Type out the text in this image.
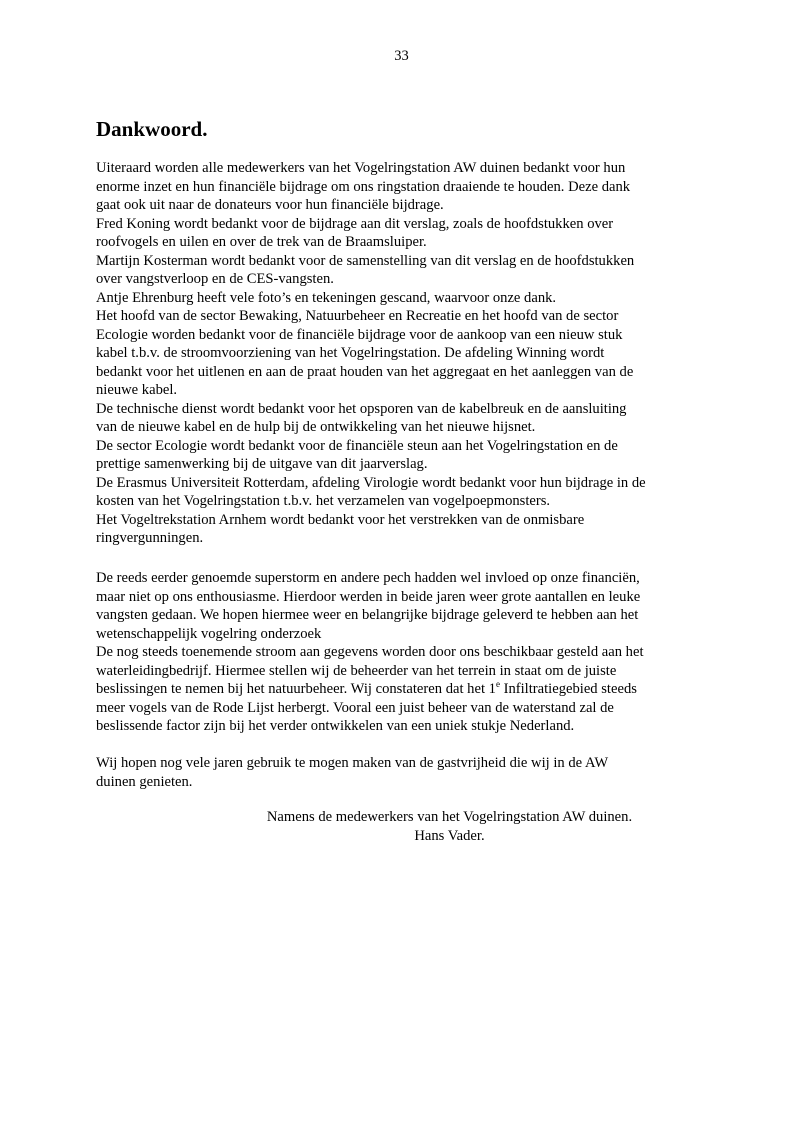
33
Dankwoord.
Uiteraard worden alle medewerkers van het Vogelringstation AW duinen bedankt voor hun
enorme inzet en hun financiële bijdrage om ons ringstation draaiende te houden. Deze dank
gaat ook uit naar de donateurs voor hun financiële bijdrage.
Fred Koning wordt bedankt voor de bijdrage aan dit verslag, zoals de hoofdstukken over
roofvogels en uilen en over de trek van de Braamsluiper.
Martijn Kosterman wordt bedankt voor de samenstelling van dit verslag en de hoofdstukken
over vangstverloop en de CES-vangsten.
Antje Ehrenburg heeft vele foto’s en tekeningen gescand, waarvoor onze dank.
Het hoofd van de sector Bewaking, Natuurbeheer en Recreatie en het hoofd van de sector
Ecologie worden bedankt voor de financiële bijdrage voor de aankoop van een nieuw stuk
kabel t.b.v. de stroomvoorziening van het Vogelringstation. De afdeling Winning wordt
bedankt voor het uitlenen en aan de praat houden van het aggregaat en het aanleggen van de
nieuwe kabel.
De technische dienst wordt bedankt voor het opsporen van de kabelbreuk en de aansluiting
van de nieuwe kabel en de hulp bij de ontwikkeling van het nieuwe hijsnet.
De sector Ecologie wordt bedankt voor de financiële steun aan het Vogelringstation en de
prettige samenwerking bij de uitgave van dit jaarverslag.
De Erasmus Universiteit Rotterdam, afdeling Virologie wordt bedankt voor hun bijdrage in de
kosten van het Vogelringstation t.b.v. het verzamelen van vogelpoepmonsters.
Het Vogeltrekstation Arnhem wordt bedankt voor het verstrekken van de onmisbare
ringvergunningen.
De reeds eerder genoemde superstorm en andere pech hadden wel invloed op onze financiën,
maar niet op ons enthousiasme. Hierdoor werden in beide jaren weer grote aantallen en leuke
vangsten gedaan. We hopen hiermee weer en belangrijke bijdrage geleverd te hebben aan het
wetenschappelijk vogelring onderzoek
De nog steeds toenemende stroom aan gegevens worden door ons beschikbaar gesteld aan het
waterleidingbedrijf. Hiermee stellen wij de beheerder van het terrein in staat om de juiste
beslissingen te nemen bij het natuurbeheer. Wij constateren dat het 1e Infiltratiegebied steeds
meer vogels van de Rode Lijst herbergt. Vooral een juist beheer van de waterstand zal de
beslissende factor zijn bij het verder ontwikkelen van een uniek stukje Nederland.
Wij hopen nog vele jaren gebruik te mogen maken van de gastvrijheid die wij in de AW
duinen genieten.
Namens de medewerkers van het Vogelringstation AW duinen.
Hans Vader.
